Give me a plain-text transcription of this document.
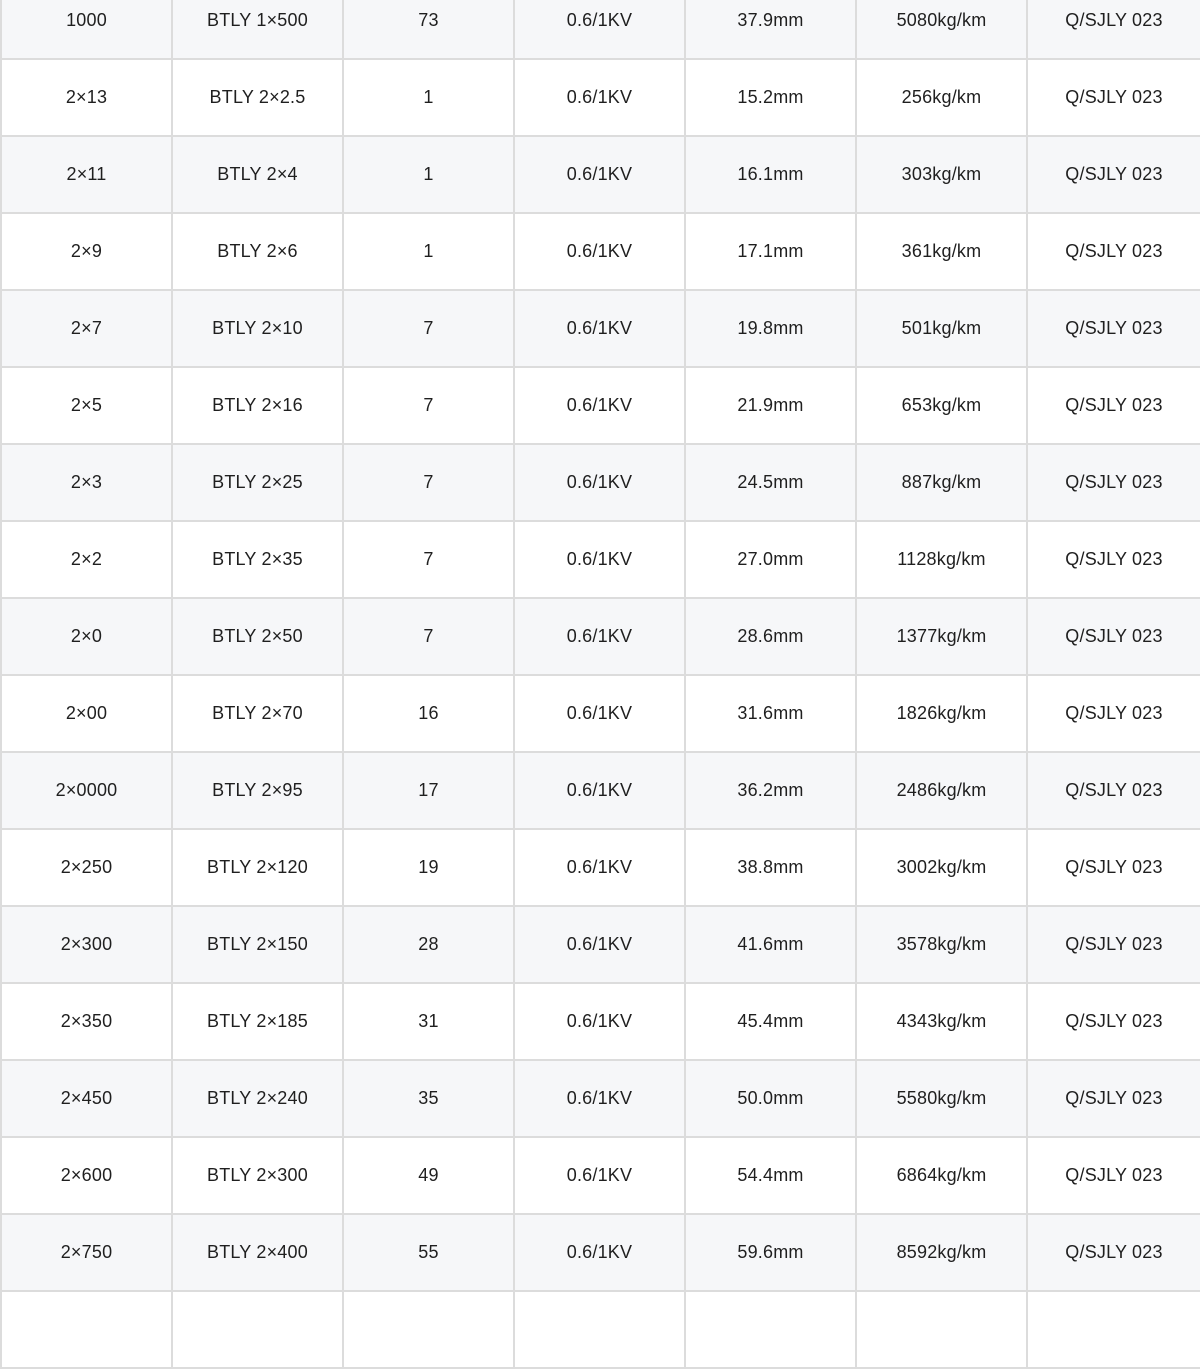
1000	BTLY 1×500	73	0.6/1KV	37.9mm	5080kg/km	Q/SJLY 023
2×13	BTLY 2×2.5	1	0.6/1KV	15.2mm	256kg/km	Q/SJLY 023
2×11	BTLY 2×4	1	0.6/1KV	16.1mm	303kg/km	Q/SJLY 023
2×9	BTLY 2×6	1	0.6/1KV	17.1mm	361kg/km	Q/SJLY 023
2×7	BTLY 2×10	7	0.6/1KV	19.8mm	501kg/km	Q/SJLY 023
2×5	BTLY 2×16	7	0.6/1KV	21.9mm	653kg/km	Q/SJLY 023
2×3	BTLY 2×25	7	0.6/1KV	24.5mm	887kg/km	Q/SJLY 023
2×2	BTLY 2×35	7	0.6/1KV	27.0mm	1128kg/km	Q/SJLY 023
2×0	BTLY 2×50	7	0.6/1KV	28.6mm	1377kg/km	Q/SJLY 023
2×00	BTLY 2×70	16	0.6/1KV	31.6mm	1826kg/km	Q/SJLY 023
2×0000	BTLY 2×95	17	0.6/1KV	36.2mm	2486kg/km	Q/SJLY 023
2×250	BTLY 2×120	19	0.6/1KV	38.8mm	3002kg/km	Q/SJLY 023
2×300	BTLY 2×150	28	0.6/1KV	41.6mm	3578kg/km	Q/SJLY 023
2×350	BTLY 2×185	31	0.6/1KV	45.4mm	4343kg/km	Q/SJLY 023
2×450	BTLY 2×240	35	0.6/1KV	50.0mm	5580kg/km	Q/SJLY 023
2×600	BTLY 2×300	49	0.6/1KV	54.4mm	6864kg/km	Q/SJLY 023
2×750	BTLY 2×400	55	0.6/1KV	59.6mm	8592kg/km	Q/SJLY 023
